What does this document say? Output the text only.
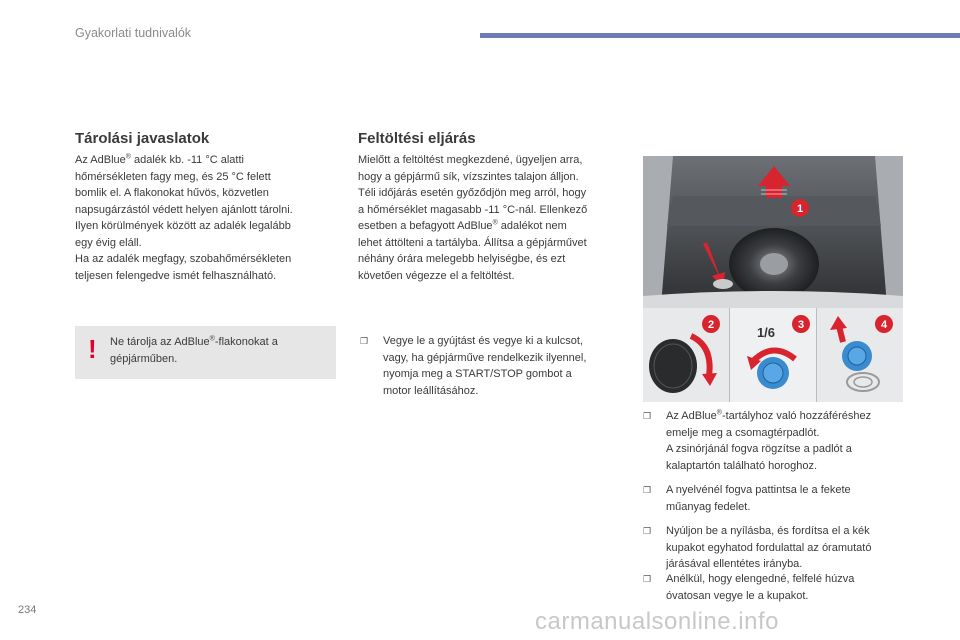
Gyakorlati tudnivalók
Tárolási javaslatok

Az AdBlue® adalék kb. -11 °C alatti

hőmérsékleten fagy meg, és 25 °C felett

bomlik el. A flakonokat hűvös, közvetlen

napsugárzástól védett helyen ajánlott tárolni.

Ilyen körülmények között az adalék legalább

egy évig eláll.

Ha az adalék megfagy, szobahőmérsékleten

teljesen felengedve ismét felhasználható.

! Ne tárolja az AdBlue®-flakonokat a
gépjárműben.
Feltöltési eljárás

Mielőtt a feltöltést megkezdené, ügyeljen arra,

hogy a gépjármű sík, vízszintes talajon álljon.

Téli időjárás esetén győződjön meg arról, hogy

a hőmérséklet magasabb -11 °C-nál. Ellenkező

esetben a befagyott AdBlue® adalékot nem

lehet áttölteni a tartályba. Állítsa a gépjárművet

néhány órára melegebb helyiségbe, és ezt

követően végezze el a feltöltést.

❒ Vegye le a gyújtást és vegye ki a kulcsot,
vagy, ha gépjárműve rendelkezik ilyennel,
nyomja meg a START/STOP gombot a
motor leállításához.
1
2	1/6 3	4
❒ Az AdBlue®-tartályhoz való hozzáféréshez
emelje meg a csomagtérpadlót.
A zsinórjánál fogva rögzítse a padlót a
kalaptartón található horoghoz.
❒ A nyelvénél fogva pattintsa le a fekete
műanyag fedelet.
❒ Nyúljon be a nyílásba, és fordítsa el a kék
kupakot egyhatod fordulattal az óramutató
járásával ellentétes irányba.
❒ Anélkül, hogy elengedné, felfelé húzva
óvatosan vegye le a kupakot.
234	carmanualsonline.info
